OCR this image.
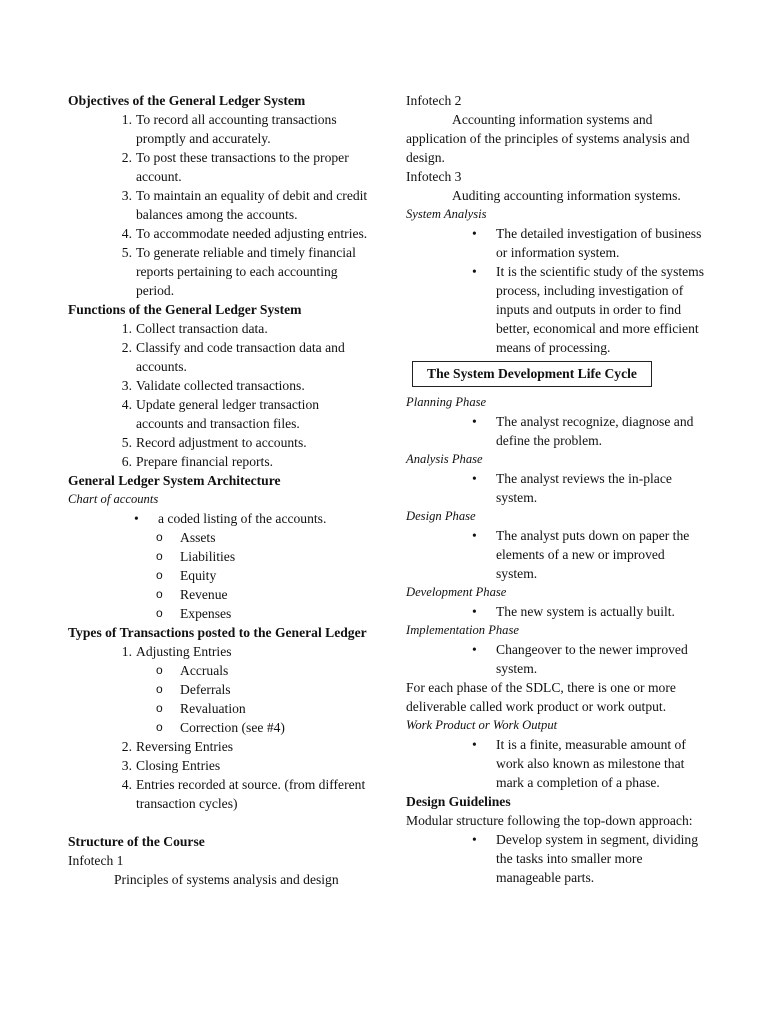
Objectives of the General Ledger System

1. To record all accounting transactions promptly and accurately.
2. To post these transactions to the proper account.
3. To maintain an equality of debit and credit balances among the accounts.
4. To accommodate needed adjusting entries.
5. To generate reliable and timely financial reports pertaining to each accounting period.

Functions of the General Ledger System

1. Collect transaction data.
2. Classify and code transaction data and accounts.
3. Validate collected transactions.
4. Update general ledger transaction accounts and transaction files.
5. Record adjustment to accounts.
6. Prepare financial reports.

General Ledger System Architecture

Chart of accounts

• a coded listing of the accounts.
o Assets
o Liabilities
o Equity
o Revenue
o Expenses

Types of Transactions posted to the General Ledger

1. Adjusting Entries
o Accruals
o Deferrals
o Revaluation
o Correction (see #4)
2. Reversing Entries
3. Closing Entries
4. Entries recorded at source. (from different transaction cycles)

Structure of the Course

Infotech 1

Principles of systems analysis and design

Infotech 2

Accounting information systems and application of the principles of systems analysis and design.

Infotech 3

Auditing accounting information systems.

System Analysis

• The detailed investigation of business or information system.
• It is the scientific study of the systems process, including investigation of inputs and outputs in order to find better, economical and more efficient means of processing.
The System Development Life Cycle

Planning Phase

• The analyst recognize, diagnose and define the problem.

Analysis Phase

• The analyst reviews the in-place system.

Design Phase

• The analyst puts down on paper the elements of a new or improved system.

Development Phase

• The new system is actually built.

Implementation Phase

• Changeover to the newer improved system.

For each phase of the SDLC, there is one or more deliverable called work product or work output.

Work Product or Work Output

• It is a finite, measurable amount of work also known as milestone that mark a completion of a phase.

Design Guidelines

Modular structure following the top-down approach:

• Develop system in segment, dividing the tasks into smaller more manageable parts.
